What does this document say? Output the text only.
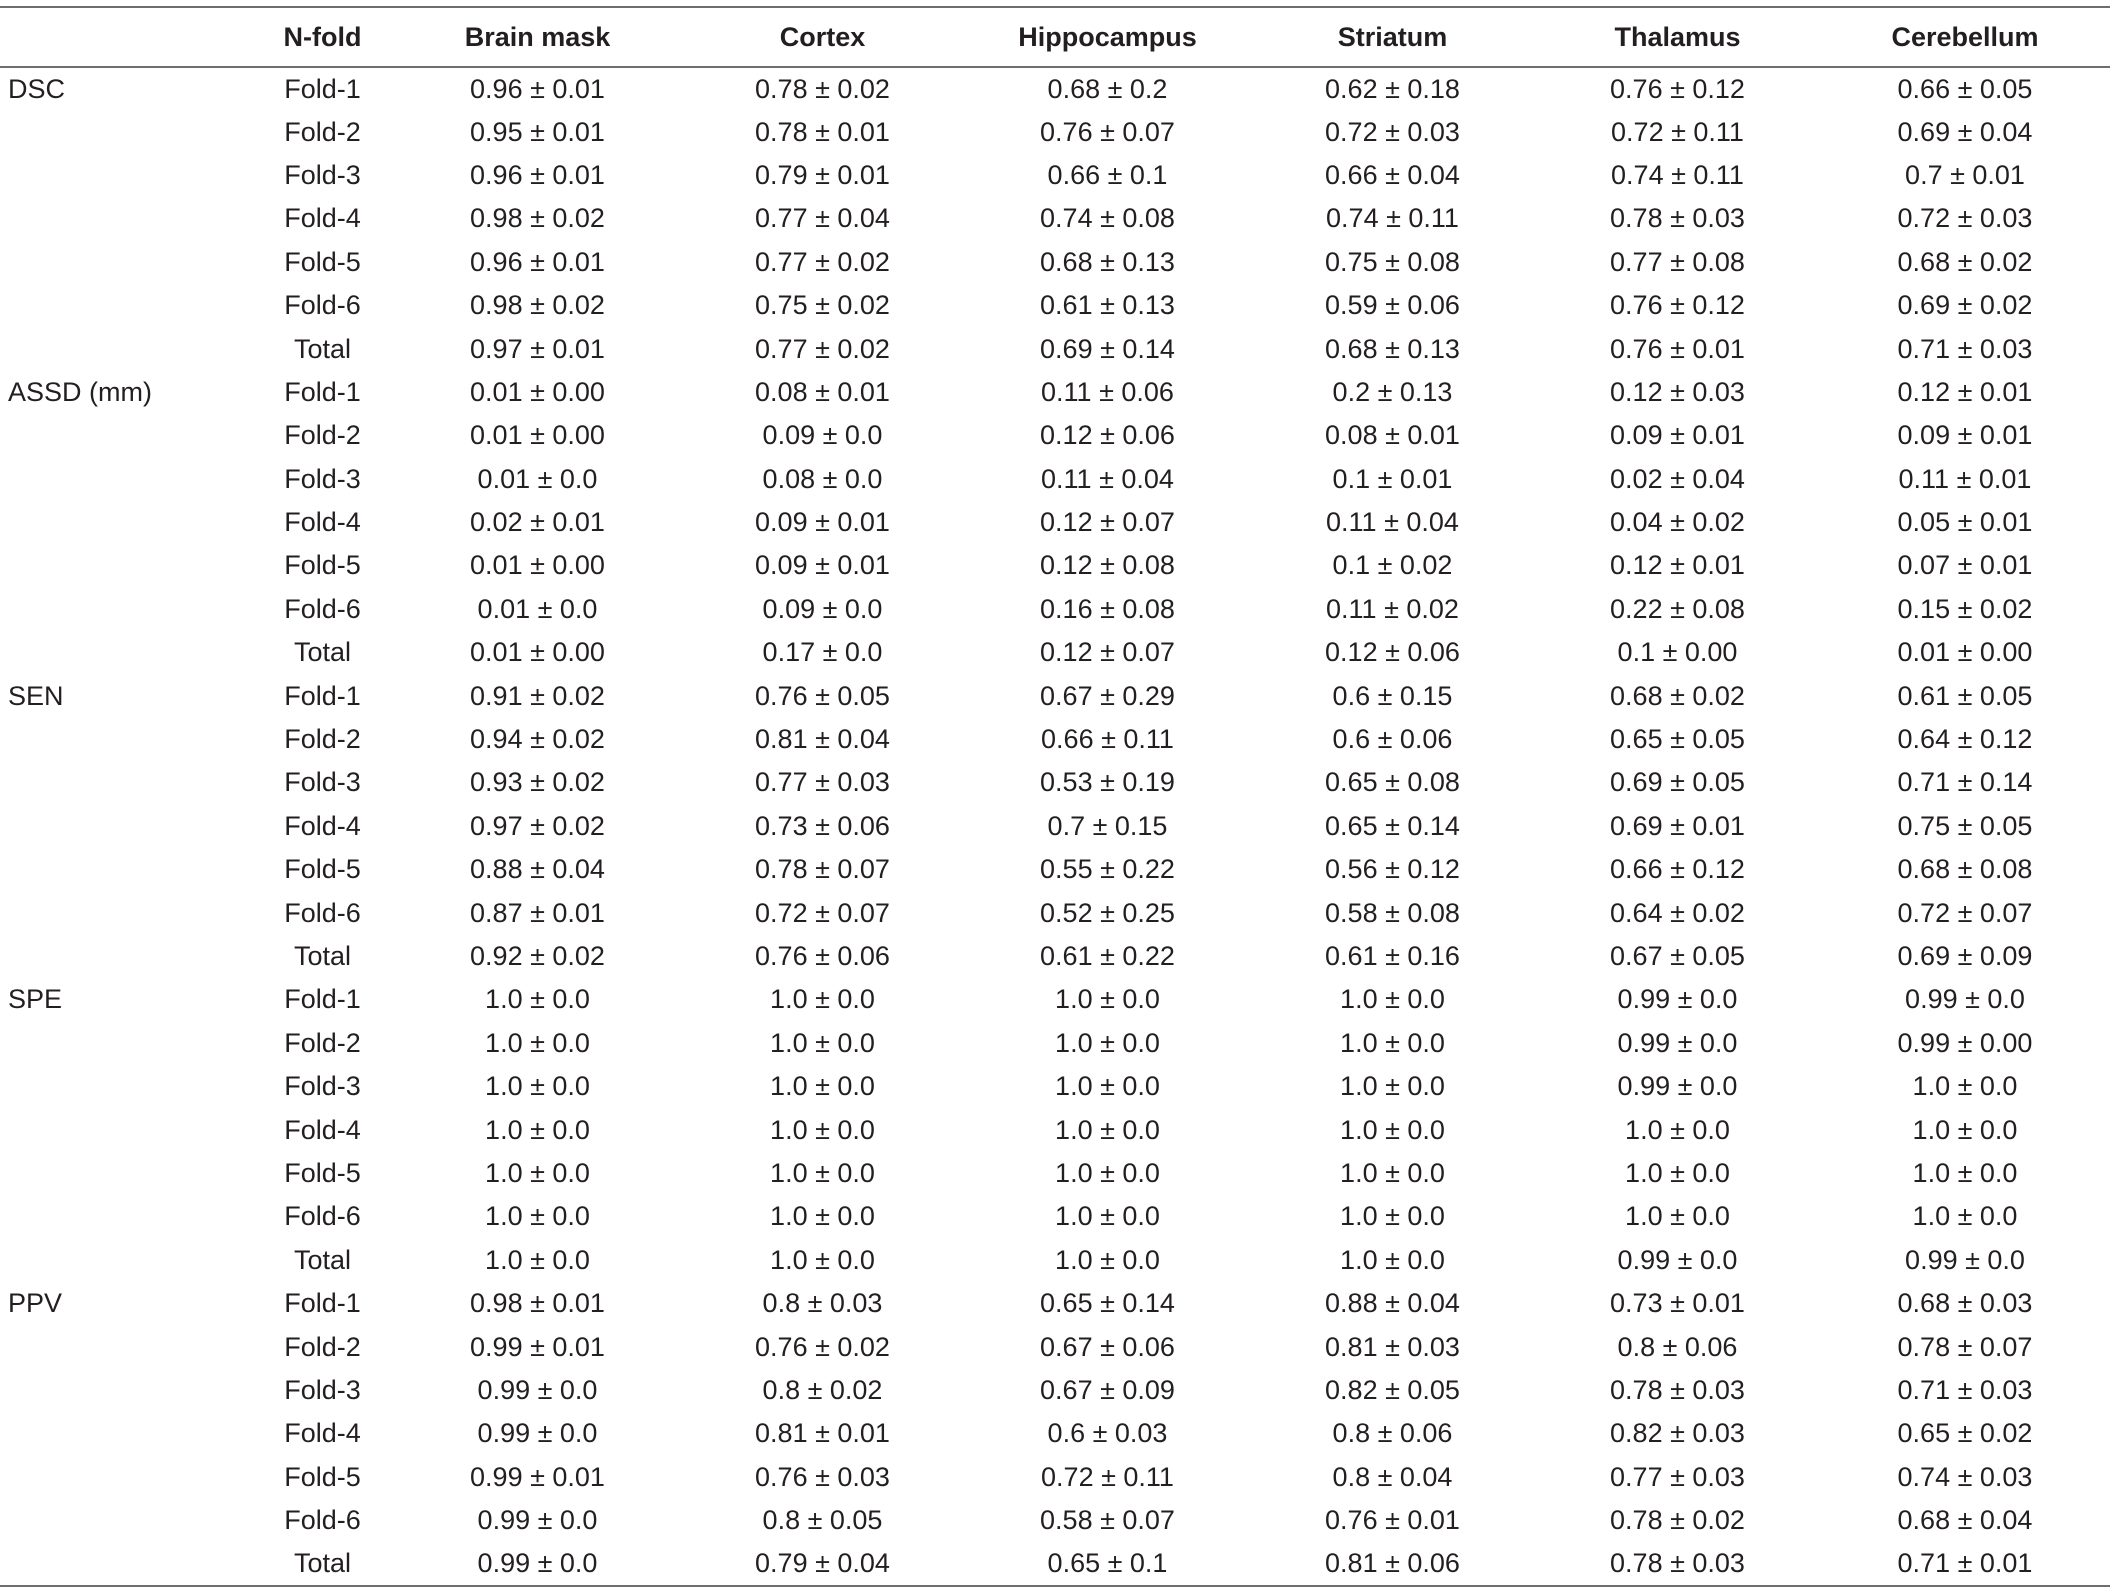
	N-fold	Brain mask	Cortex	Hippocampus	Striatum	Thalamus	Cerebellum
DSC	Fold-1	0.96 ± 0.01	0.78 ± 0.02	0.68 ± 0.2	0.62 ± 0.18	0.76 ± 0.12	0.66 ± 0.05
	Fold-2	0.95 ± 0.01	0.78 ± 0.01	0.76 ± 0.07	0.72 ± 0.03	0.72 ± 0.11	0.69 ± 0.04
	Fold-3	0.96 ± 0.01	0.79 ± 0.01	0.66 ± 0.1	0.66 ± 0.04	0.74 ± 0.11	0.7 ± 0.01
	Fold-4	0.98 ± 0.02	0.77 ± 0.04	0.74 ± 0.08	0.74 ± 0.11	0.78 ± 0.03	0.72 ± 0.03
	Fold-5	0.96 ± 0.01	0.77 ± 0.02	0.68 ± 0.13	0.75 ± 0.08	0.77 ± 0.08	0.68 ± 0.02
	Fold-6	0.98 ± 0.02	0.75 ± 0.02	0.61 ± 0.13	0.59 ± 0.06	0.76 ± 0.12	0.69 ± 0.02
	Total	0.97 ± 0.01	0.77 ± 0.02	0.69 ± 0.14	0.68 ± 0.13	0.76 ± 0.01	0.71 ± 0.03
ASSD (mm)	Fold-1	0.01 ± 0.00	0.08 ± 0.01	0.11 ± 0.06	0.2 ± 0.13	0.12 ± 0.03	0.12 ± 0.01
	Fold-2	0.01 ± 0.00	0.09 ± 0.0	0.12 ± 0.06	0.08 ± 0.01	0.09 ± 0.01	0.09 ± 0.01
	Fold-3	0.01 ± 0.0	0.08 ± 0.0	0.11 ± 0.04	0.1 ± 0.01	0.02 ± 0.04	0.11 ± 0.01
	Fold-4	0.02 ± 0.01	0.09 ± 0.01	0.12 ± 0.07	0.11 ± 0.04	0.04 ± 0.02	0.05 ± 0.01
	Fold-5	0.01 ± 0.00	0.09 ± 0.01	0.12 ± 0.08	0.1 ± 0.02	0.12 ± 0.01	0.07 ± 0.01
	Fold-6	0.01 ± 0.0	0.09 ± 0.0	0.16 ± 0.08	0.11 ± 0.02	0.22 ± 0.08	0.15 ± 0.02
	Total	0.01 ± 0.00	0.17 ± 0.0	0.12 ± 0.07	0.12 ± 0.06	0.1 ± 0.00	0.01 ± 0.00
SEN	Fold-1	0.91 ± 0.02	0.76 ± 0.05	0.67 ± 0.29	0.6 ± 0.15	0.68 ± 0.02	0.61 ± 0.05
	Fold-2	0.94 ± 0.02	0.81 ± 0.04	0.66 ± 0.11	0.6 ± 0.06	0.65 ± 0.05	0.64 ± 0.12
	Fold-3	0.93 ± 0.02	0.77 ± 0.03	0.53 ± 0.19	0.65 ± 0.08	0.69 ± 0.05	0.71 ± 0.14
	Fold-4	0.97 ± 0.02	0.73 ± 0.06	0.7 ± 0.15	0.65 ± 0.14	0.69 ± 0.01	0.75 ± 0.05
	Fold-5	0.88 ± 0.04	0.78 ± 0.07	0.55 ± 0.22	0.56 ± 0.12	0.66 ± 0.12	0.68 ± 0.08
	Fold-6	0.87 ± 0.01	0.72 ± 0.07	0.52 ± 0.25	0.58 ± 0.08	0.64 ± 0.02	0.72 ± 0.07
	Total	0.92 ± 0.02	0.76 ± 0.06	0.61 ± 0.22	0.61 ± 0.16	0.67 ± 0.05	0.69 ± 0.09
SPE	Fold-1	1.0 ± 0.0	1.0 ± 0.0	1.0 ± 0.0	1.0 ± 0.0	0.99 ± 0.0	0.99 ± 0.0
	Fold-2	1.0 ± 0.0	1.0 ± 0.0	1.0 ± 0.0	1.0 ± 0.0	0.99 ± 0.0	0.99 ± 0.00
	Fold-3	1.0 ± 0.0	1.0 ± 0.0	1.0 ± 0.0	1.0 ± 0.0	0.99 ± 0.0	1.0 ± 0.0
	Fold-4	1.0 ± 0.0	1.0 ± 0.0	1.0 ± 0.0	1.0 ± 0.0	1.0 ± 0.0	1.0 ± 0.0
	Fold-5	1.0 ± 0.0	1.0 ± 0.0	1.0 ± 0.0	1.0 ± 0.0	1.0 ± 0.0	1.0 ± 0.0
	Fold-6	1.0 ± 0.0	1.0 ± 0.0	1.0 ± 0.0	1.0 ± 0.0	1.0 ± 0.0	1.0 ± 0.0
	Total	1.0 ± 0.0	1.0 ± 0.0	1.0 ± 0.0	1.0 ± 0.0	0.99 ± 0.0	0.99 ± 0.0
PPV	Fold-1	0.98 ± 0.01	0.8 ± 0.03	0.65 ± 0.14	0.88 ± 0.04	0.73 ± 0.01	0.68 ± 0.03
	Fold-2	0.99 ± 0.01	0.76 ± 0.02	0.67 ± 0.06	0.81 ± 0.03	0.8 ± 0.06	0.78 ± 0.07
	Fold-3	0.99 ± 0.0	0.8 ± 0.02	0.67 ± 0.09	0.82 ± 0.05	0.78 ± 0.03	0.71 ± 0.03
	Fold-4	0.99 ± 0.0	0.81 ± 0.01	0.6 ± 0.03	0.8 ± 0.06	0.82 ± 0.03	0.65 ± 0.02
	Fold-5	0.99 ± 0.01	0.76 ± 0.03	0.72 ± 0.11	0.8 ± 0.04	0.77 ± 0.03	0.74 ± 0.03
	Fold-6	0.99 ± 0.0	0.8 ± 0.05	0.58 ± 0.07	0.76 ± 0.01	0.78 ± 0.02	0.68 ± 0.04
	Total	0.99 ± 0.0	0.79 ± 0.04	0.65 ± 0.1	0.81 ± 0.06	0.78 ± 0.03	0.71 ± 0.01
